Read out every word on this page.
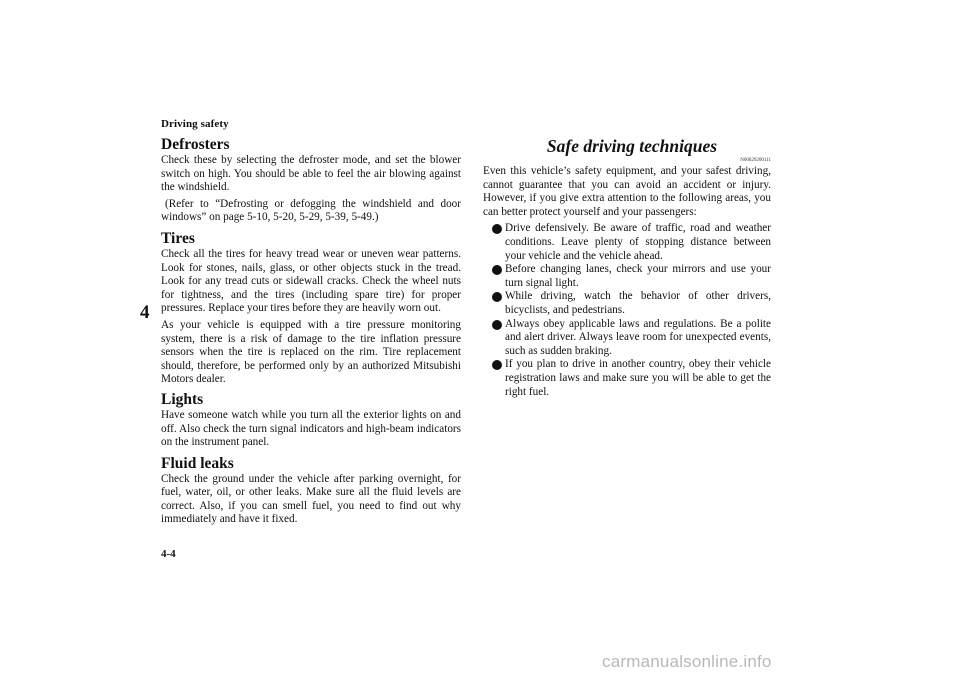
Driving safety
4
Defrosters

Check these by selecting the defroster mode, and set the blower switch on high. You should be able to feel the air blowing against the windshield.

(Refer to “Defrosting or defogging the windshield and door windows” on page 5-10, 5-20, 5-29, 5-39, 5-49.)

Tires

Check all the tires for heavy tread wear or uneven wear patterns. Look for stones, nails, glass, or other objects stuck in the tread. Look for any tread cuts or sidewall cracks. Check the wheel nuts for tightness, and the tires (including spare tire) for proper pressures. Replace your tires before they are heavily worn out.

As your vehicle is equipped with a tire pressure monitoring system, there is a risk of damage to the tire inflation pressure sensors when the tire is replaced on the rim. Tire replacement should, therefore, be performed only by an authorized Mitsubishi Motors dealer.

Lights

Have someone watch while you turn all the exterior lights on and off. Also check the turn signal indicators and high-beam indicators on the instrument panel.

Fluid leaks

Check the ground under the vehicle after parking overnight, for fuel, water, oil, or other leaks. Make sure all the fluid levels are correct. Also, if you can smell fuel, you need to find out why immediately and have it fixed.

Safe driving techniques
N00629200111

Even this vehicle’s safety equipment, and your safest driving, cannot guarantee that you can avoid an accident or injury. However, if you give extra attention to the following areas, you can better protect yourself and your passengers:

Drive defensively. Be aware of traffic, road and weather conditions. Leave plenty of stopping distance between your vehicle and the vehicle ahead.
Before changing lanes, check your mirrors and use your turn signal light.
While driving, watch the behavior of other drivers, bicyclists, and pedestrians.
Always obey applicable laws and regulations. Be a polite and alert driver. Always leave room for unexpected events, such as sudden braking.
If you plan to drive in another country, obey their vehicle registration laws and make sure you will be able to get the right fuel.
4-4
carmanualsonline.info
